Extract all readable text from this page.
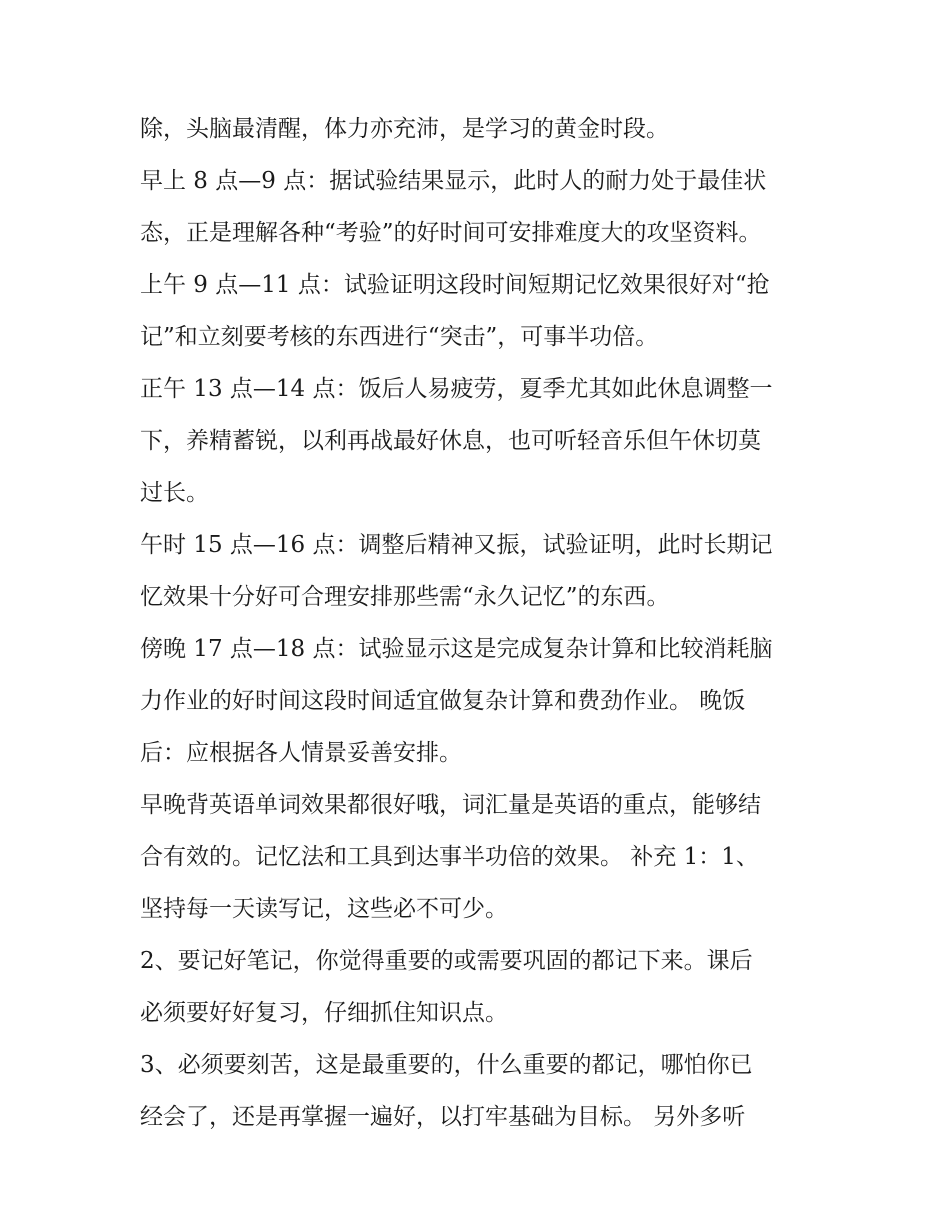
除，头脑最清醒，体力亦充沛，是学习的黄金时段。
早上 8 点—9 点：据试验结果显示，此时人的耐力处于最佳状
态，正是理解各种“考验”的好时间可安排难度大的攻坚资料。
上午 9 点—11 点：试验证明这段时间短期记忆效果很好对“抢
记”和立刻要考核的东西进行“突击”，可事半功倍。
正午 13 点—14 点：饭后人易疲劳，夏季尤其如此休息调整一
下，养精蓄锐，以利再战最好休息，也可听轻音乐但午休切莫
过长。
午时 15 点—16 点：调整后精神又振，试验证明，此时长期记
忆效果十分好可合理安排那些需“永久记忆”的东西。
傍晚 17 点—18 点：试验显示这是完成复杂计算和比较消耗脑
力作业的好时间这段时间适宜做复杂计算和费劲作业。 晚饭
后：应根据各人情景妥善安排。
早晚背英语单词效果都很好哦，词汇量是英语的重点，能够结
合有效的。记忆法和工具到达事半功倍的效果。 补充 1：1、
坚持每一天读写记，这些必不可少。
2、要记好笔记，你觉得重要的或需要巩固的都记下来。课后
必须要好好复习，仔细抓住知识点。
3、必须要刻苦，这是最重要的，什么重要的都记，哪怕你已
经会了，还是再掌握一遍好，以打牢基础为目标。 另外多听
